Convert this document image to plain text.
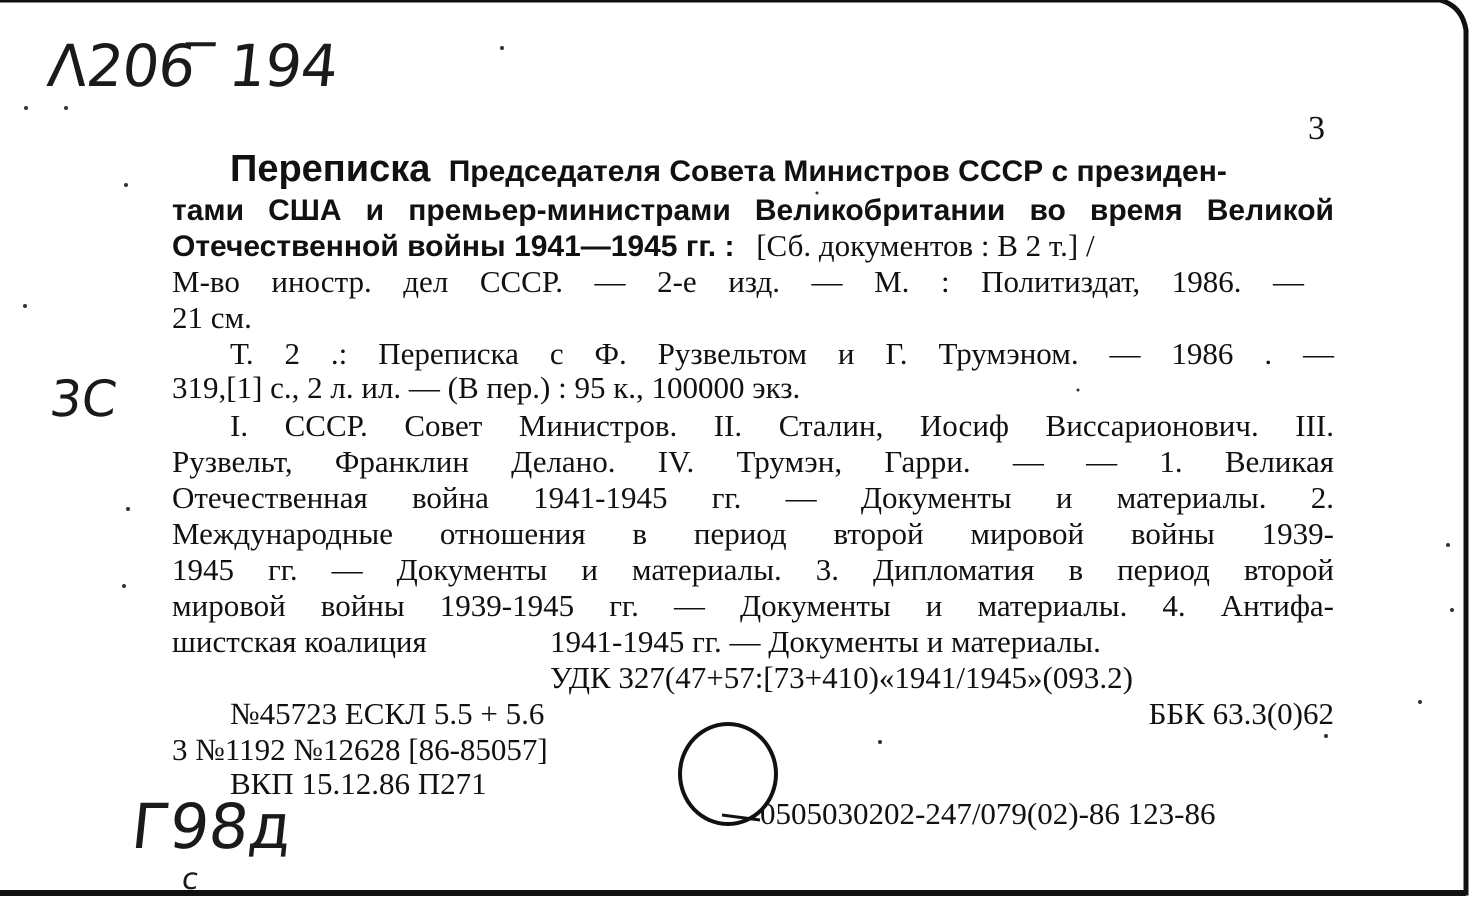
Λ206 ̅ 194
3C
Г98д
с
3
Переписка Председателя Совета Министров СССР с президен-
тами США и премьер-министрами Великобритании во время Великой
Отечественной войны 1941—1945 гг. : [Сб. документов : В 2 т.] /
М-во иностр. дел СССР. — 2-е изд. — М. : Политиздат, 1986. —
21 см.
Т. 2 .: Переписка с Ф. Рузвельтом и Г. Трумэном. — 1986 . —
319,[1] с., 2 л. ил. — (В пер.) : 95 к., 100000 экз.
I. СССР. Совет Министров. II. Сталин, Иосиф Виссарионович. III.
Рузвельт, Франклин Делано. IV. Трумэн, Гарри. — — 1. Великая
Отечественная война 1941-1945 гг. — Документы и материалы. 2.
Международные отношения в период второй мировой войны 1939-
1945 гг. — Документы и материалы. 3. Дипломатия в период второй
мировой войны 1939-1945 гг. — Документы и материалы. 4. Антифа-
шистская коалиция	1941-1945 гг. — Документы и материалы.
УДК 327(47+57:[73+410)«1941/1945»(093.2)
№45723 ЕСКЛ 5.5 + 5.6	ББК 63.3(0)62
3 №1192 №12628 [86-85057]
ВКП 15.12.86 П271
0505030202-247/079(02)-86 123-86
